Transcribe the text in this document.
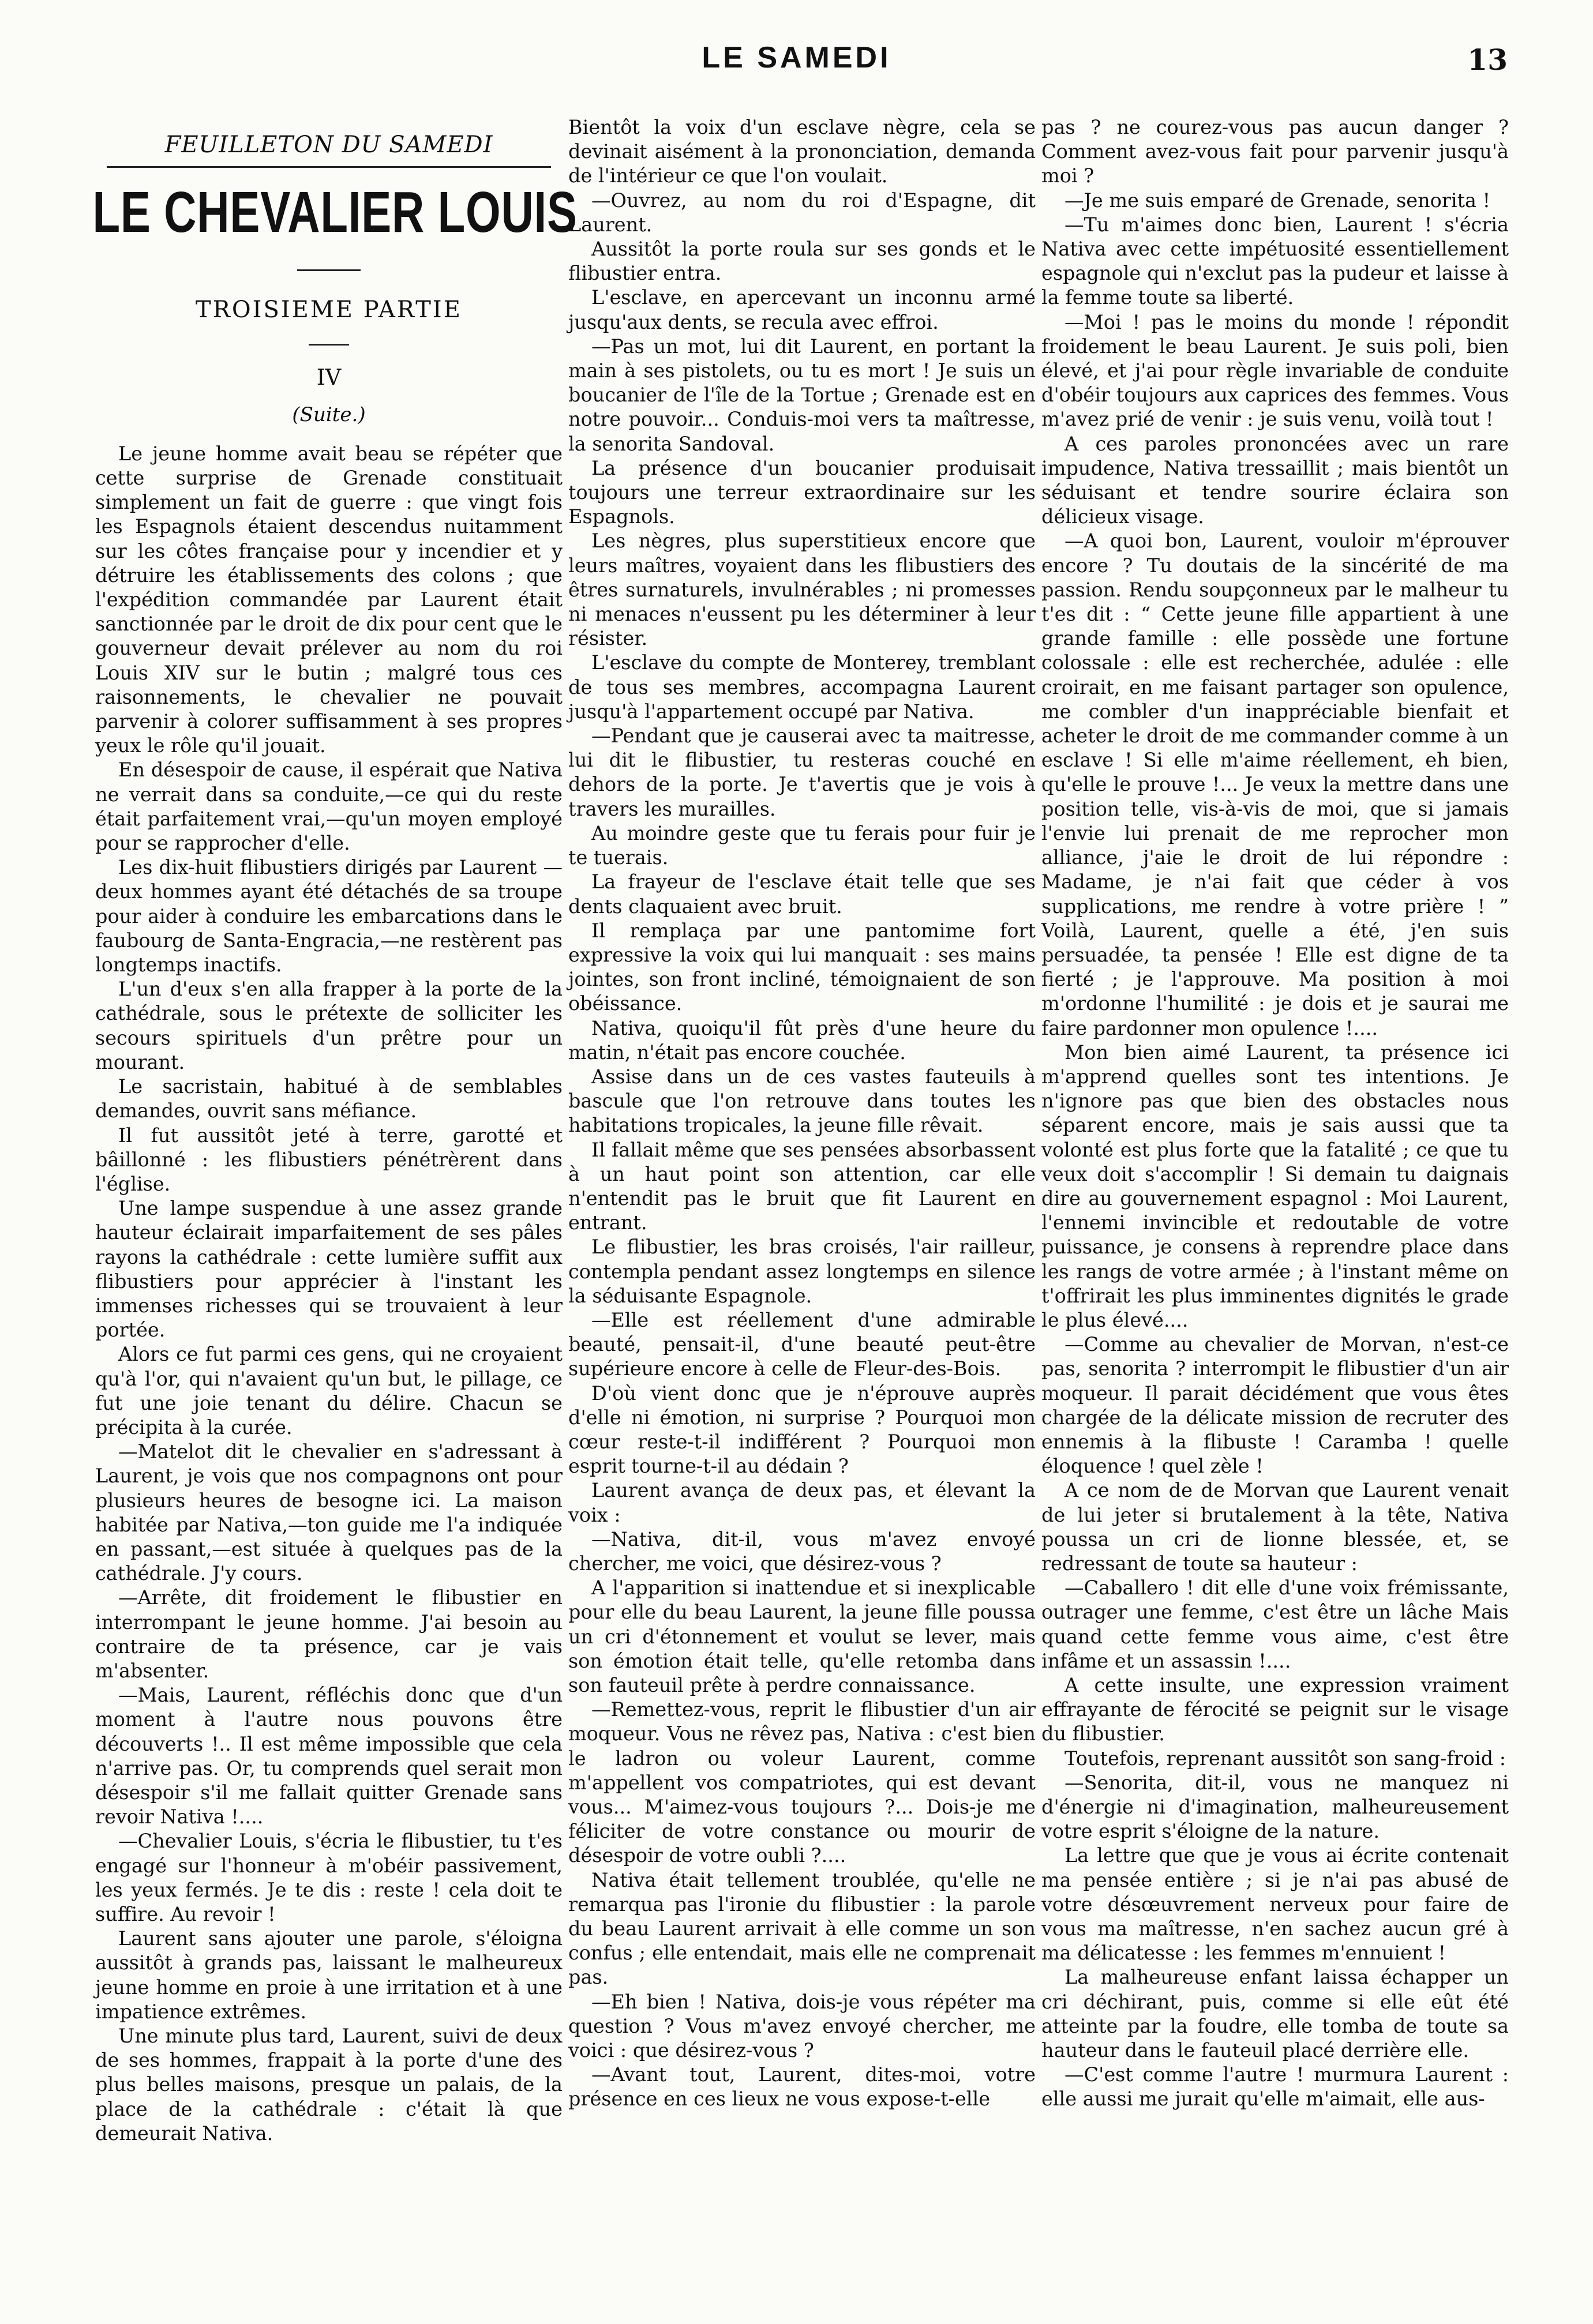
LE SAMEDI	13
FEUILLETON DU SAMEDI
LE CHEVALIER LOUIS
TROISIEME PARTIE
IV
(Suite.)

Le jeune homme avait beau se répéter que cette surprise de Grenade constituait simplement un fait de guerre : que vingt fois les Espagnols étaient descendus nuitamment sur les côtes française pour y incendier et y détruire les établissements des colons ; que l'expédition commandée par Laurent était sanctionnée par le droit de dix pour cent que le gouverneur devait prélever au nom du roi Louis XIV sur le butin ; malgré tous ces raisonnements, le chevalier ne pouvait parvenir à colorer suffisamment à ses propres yeux le rôle qu'il jouait.

En désespoir de cause, il espérait que Nativa ne verrait dans sa conduite,—ce qui du reste était parfaitement vrai,—qu'un moyen employé pour se rapprocher d'elle.

Les dix-huit flibustiers dirigés par Laurent —deux hommes ayant été détachés de sa troupe pour aider à conduire les embarcations dans le faubourg de Santa-Engracia,—ne restèrent pas longtemps inactifs.

L'un d'eux s'en alla frapper à la porte de la cathédrale, sous le prétexte de solliciter les secours spirituels d'un prêtre pour un mourant.

Le sacristain, habitué à de semblables demandes, ouvrit sans méfiance.

Il fut aussitôt jeté à terre, garotté et bâillonné : les flibustiers pénétrèrent dans l'église.

Une lampe suspendue à une assez grande hauteur éclairait imparfaitement de ses pâles rayons la cathédrale : cette lumière suffit aux flibustiers pour apprécier à l'instant les immenses richesses qui se trouvaient à leur portée.

Alors ce fut parmi ces gens, qui ne croyaient qu'à l'or, qui n'avaient qu'un but, le pillage, ce fut une joie tenant du délire. Chacun se précipita à la curée.

—Matelot dit le chevalier en s'adressant à Laurent, je vois que nos compagnons ont pour plusieurs heures de besogne ici. La maison habitée par Nativa,—ton guide me l'a indiquée en passant,—est située à quelques pas de la cathédrale. J'y cours.

—Arrête, dit froidement le flibustier en interrompant le jeune homme. J'ai besoin au contraire de ta présence, car je vais m'absenter.

—Mais, Laurent, réfléchis donc que d'un moment à l'autre nous pouvons être découverts !.. Il est même impossible que cela n'arrive pas. Or, tu comprends quel serait mon désespoir s'il me fallait quitter Grenade sans revoir Nativa !....

—Chevalier Louis, s'écria le flibustier, tu t'es engagé sur l'honneur à m'obéir passivement, les yeux fermés. Je te dis : reste ! cela doit te suffire. Au revoir !

Laurent sans ajouter une parole, s'éloigna aussitôt à grands pas, laissant le malheureux jeune homme en proie à une irritation et à une impatience extrêmes.

Une minute plus tard, Laurent, suivi de deux de ses hommes, frappait à la porte d'une des plus belles maisons, presque un palais, de la place de la cathédrale : c'était là que demeurait Nativa.

Bientôt la voix d'un esclave nègre, cela se devinait aisément à la prononciation, demanda de l'intérieur ce que l'on voulait.

—Ouvrez, au nom du roi d'Espagne, dit Laurent.

Aussitôt la porte roula sur ses gonds et le flibustier entra.

L'esclave, en apercevant un inconnu armé jusqu'aux dents, se recula avec effroi.

—Pas un mot, lui dit Laurent, en portant la main à ses pistolets, ou tu es mort ! Je suis un boucanier de l'île de la Tortue ; Grenade est en notre pouvoir... Conduis-moi vers ta maîtresse, la senorita Sandoval.

La présence d'un boucanier produisait toujours une terreur extraordinaire sur les Espagnols.

Les nègres, plus superstitieux encore que leurs maîtres, voyaient dans les flibustiers des êtres surnaturels, invulnérables ; ni promesses ni menaces n'eussent pu les déterminer à leur résister.

L'esclave du compte de Monterey, tremblant de tous ses membres, accompagna Laurent jusqu'à l'appartement occupé par Nativa.

—Pendant que je causerai avec ta maitresse, lui dit le flibustier, tu resteras couché en dehors de la porte. Je t'avertis que je vois à travers les murailles.

Au moindre geste que tu ferais pour fuir je te tuerais.

La frayeur de l'esclave était telle que ses dents claquaient avec bruit.

Il remplaça par une pantomime fort expressive la voix qui lui manquait : ses mains jointes, son front incliné, témoignaient de son obéissance.

Nativa, quoiqu'il fût près d'une heure du matin, n'était pas encore couchée.

Assise dans un de ces vastes fauteuils à bascule que l'on retrouve dans toutes les habitations tropicales, la jeune fille rêvait.

Il fallait même que ses pensées absorbassent à un haut point son attention, car elle n'entendit pas le bruit que fit Laurent en entrant.

Le flibustier, les bras croisés, l'air railleur, contempla pendant assez longtemps en silence la séduisante Espagnole.

—Elle est réellement d'une admirable beauté, pensait-il, d'une beauté peut-être supérieure encore à celle de Fleur-des-Bois.

D'où vient donc que je n'éprouve auprès d'elle ni émotion, ni surprise ? Pourquoi mon cœur reste-t-il indifférent ? Pourquoi mon esprit tourne-t-il au dédain ?

Laurent avança de deux pas, et élevant la voix :

—Nativa, dit-il, vous m'avez envoyé chercher, me voici, que désirez-vous ?

A l'apparition si inattendue et si inexplicable pour elle du beau Laurent, la jeune fille poussa un cri d'étonnement et voulut se lever, mais son émotion était telle, qu'elle retomba dans son fauteuil prête à perdre connaissance.

—Remettez-vous, reprit le flibustier d'un air moqueur. Vous ne rêvez pas, Nativa : c'est bien le ladron ou voleur Laurent, comme m'appellent vos compatriotes, qui est devant vous... M'aimez-vous toujours ?... Dois-je me féliciter de votre constance ou mourir de désespoir de votre oubli ?....

Nativa était tellement troublée, qu'elle ne remarqua pas l'ironie du flibustier : la parole du beau Laurent arrivait à elle comme un son confus ; elle entendait, mais elle ne comprenait pas.

—Eh bien ! Nativa, dois-je vous répéter ma question ? Vous m'avez envoyé chercher, me voici : que désirez-vous ?

—Avant tout, Laurent, dites-moi, votre présence en ces lieux ne vous expose-t-elle

pas ? ne courez-vous pas aucun danger ? Comment avez-vous fait pour parvenir jusqu'à moi ?

—Je me suis emparé de Grenade, senorita !

—Tu m'aimes donc bien, Laurent ! s'écria Nativa avec cette impétuosité essentiellement espagnole qui n'exclut pas la pudeur et laisse à la femme toute sa liberté.

—Moi ! pas le moins du monde ! répondit froidement le beau Laurent. Je suis poli, bien élevé, et j'ai pour règle invariable de conduite d'obéir toujours aux caprices des femmes. Vous m'avez prié de venir : je suis venu, voilà tout !

A ces paroles prononcées avec un rare impudence, Nativa tressaillit ; mais bientôt un séduisant et tendre sourire éclaira son délicieux visage.

—A quoi bon, Laurent, vouloir m'éprouver encore ? Tu doutais de la sincérité de ma passion. Rendu soupçonneux par le malheur tu t'es dit : “ Cette jeune fille appartient à une grande famille : elle possède une fortune colossale : elle est recherchée, adulée : elle croirait, en me faisant partager son opulence, me combler d'un inappréciable bienfait et acheter le droit de me commander comme à un esclave ! Si elle m'aime réellement, eh bien, qu'elle le prouve !... Je veux la mettre dans une position telle, vis-à-vis de moi, que si jamais l'envie lui prenait de me reprocher mon alliance, j'aie le droit de lui répondre : Madame, je n'ai fait que céder à vos supplications, me rendre à votre prière ! ” Voilà, Laurent, quelle a été, j'en suis persuadée, ta pensée ! Elle est digne de ta fierté ; je l'approuve. Ma position à moi m'ordonne l'humilité : je dois et je saurai me faire pardonner mon opulence !....

Mon bien aimé Laurent, ta présence ici m'apprend quelles sont tes intentions. Je n'ignore pas que bien des obstacles nous séparent encore, mais je sais aussi que ta volonté est plus forte que la fatalité ; ce que tu veux doit s'accomplir ! Si demain tu daignais dire au gouvernement espagnol : Moi Laurent, l'ennemi invincible et redoutable de votre puissance, je consens à reprendre place dans les rangs de votre armée ; à l'instant même on t'offrirait les plus imminentes dignités le grade le plus élevé....

—Comme au chevalier de Morvan, n'est-ce pas, senorita ? interrompit le flibustier d'un air moqueur. Il parait décidément que vous êtes chargée de la délicate mission de recruter des ennemis à la flibuste ! Caramba ! quelle éloquence ! quel zèle !

A ce nom de de Morvan que Laurent venait de lui jeter si brutalement à la tête, Nativa poussa un cri de lionne blessée, et, se redressant de toute sa hauteur :

—Caballero ! dit elle d'une voix frémissante, outrager une femme, c'est être un lâche Mais quand cette femme vous aime, c'est être infâme et un assassin !....

A cette insulte, une expression vraiment effrayante de férocité se peignit sur le visage du flibustier.

Toutefois, reprenant aussitôt son sang-froid :

—Senorita, dit-il, vous ne manquez ni d'énergie ni d'imagination, malheureusement votre esprit s'éloigne de la nature.

La lettre que que je vous ai écrite contenait ma pensée entière ; si je n'ai pas abusé de votre désœuvrement nerveux pour faire de vous ma maîtresse, n'en sachez aucun gré à ma délicatesse : les femmes m'ennuient !

La malheureuse enfant laissa échapper un cri déchirant, puis, comme si elle eût été atteinte par la foudre, elle tomba de toute sa hauteur dans le fauteuil placé derrière elle.

—C'est comme l'autre ! murmura Laurent : elle aussi me jurait qu'elle m'aimait, elle aus-
